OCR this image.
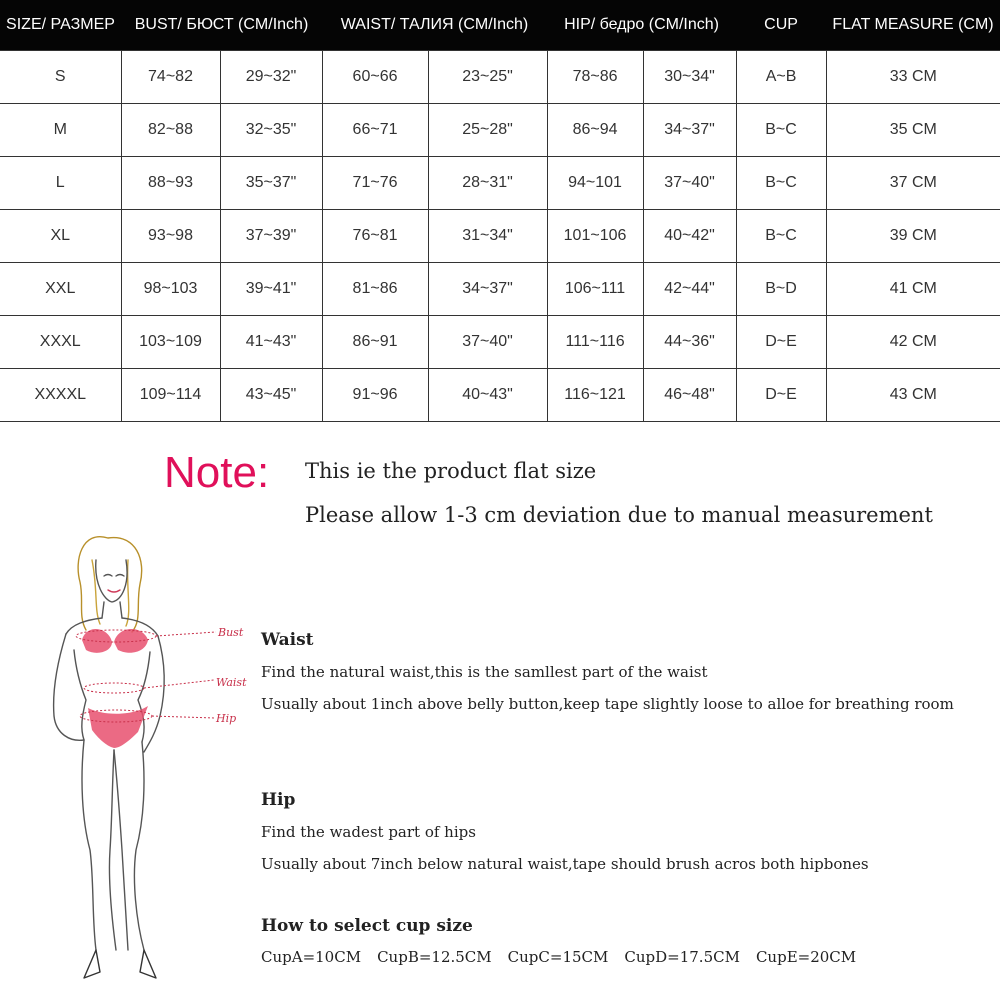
SIZE/ РАЗМЕР	BUST/ БЮСТ (CM/Inch)		WAIST/ ТАЛИЯ (CM/Inch)		HIP/ бедро (CM/Inch)		CUP	FLAT MEASURE (CM)
S	74~82	29~32"	60~66	23~25"	78~86	30~34"	A~B	33 CM
M	82~88	32~35"	66~71	25~28"	86~94	34~37"	B~C	35 CM
L	88~93	35~37"	71~76	28~31"	94~101	37~40"	B~C	37 CM
XL	93~98	37~39"	76~81	31~34"	101~106	40~42"	B~C	39 CM
XXL	98~103	39~41"	81~86	34~37"	106~111	42~44"	B~D	41 CM
XXXL	103~109	41~43"	86~91	37~40"	111~116	44~36"	D~E	42 CM
XXXXL	109~114	43~45"	91~96	40~43"	116~121	46~48"	D~E	43 CM
Note: This ie the product flat size
Please allow 1-3 cm deviation due to manual measurement
Bust
Waist
Hip
Waist
Find the natural waist,this is the samllest part of the waist
Usually about 1inch above belly button,keep tape slightly loose to alloe for breathing room
Hip
Find the wadest part of hips
Usually about 7inch below natural waist,tape should brush acros both hipbones
How to select cup size
CupA=10CM CupB=12.5CM CupC=15CM CupD=17.5CM CupE=20CM
